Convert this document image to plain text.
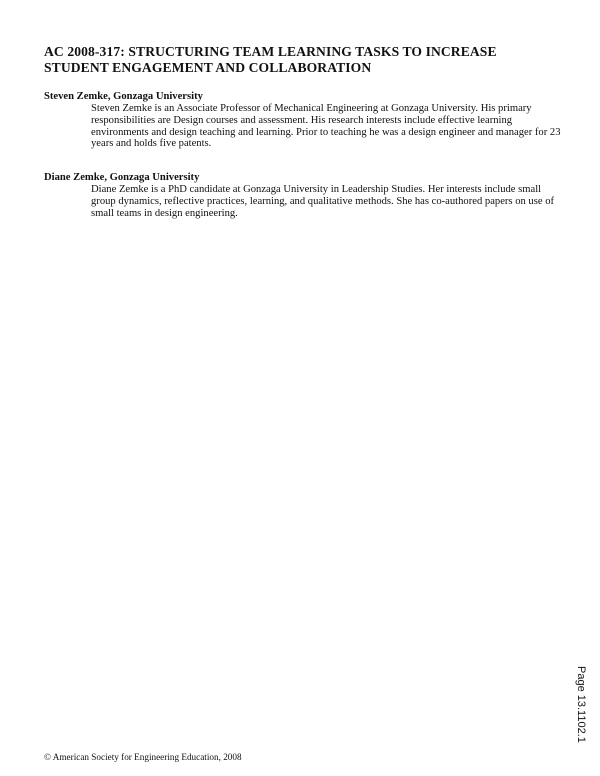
AC 2008-317: STRUCTURING TEAM LEARNING TASKS TO INCREASE
STUDENT ENGAGEMENT AND COLLABORATION
Steven Zemke, Gonzaga University
Steven Zemke is an Associate Professor of Mechanical Engineering at Gonzaga University. His primary responsibilities are Design courses and assessment. His research interests include effective learning environments and design teaching and learning. Prior to teaching he was a design engineer and manager for 23 years and holds five patents.
Diane Zemke, Gonzaga University
Diane Zemke is a PhD candidate at Gonzaga University in Leadership Studies. Her interests include small group dynamics, reflective practices, learning, and qualitative methods. She has co-authored papers on use of small teams in design engineering.
Page 13.1102.1
© American Society for Engineering Education, 2008
